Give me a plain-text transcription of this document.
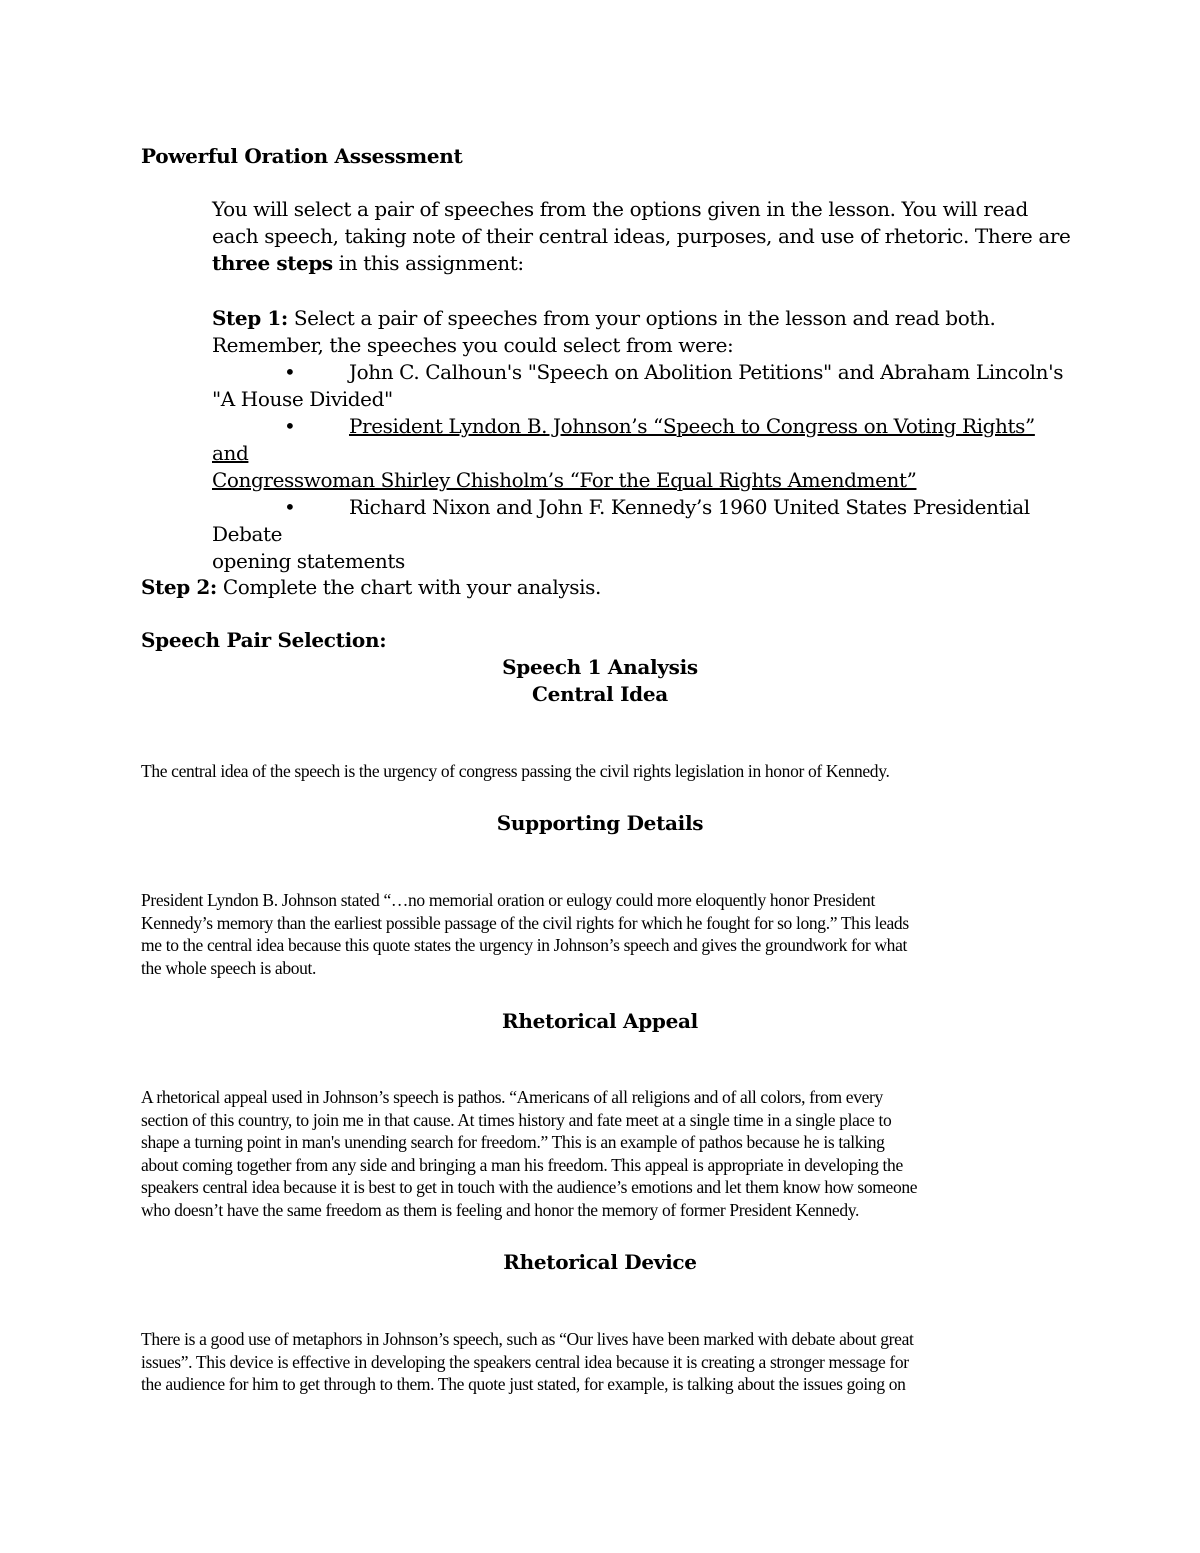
Powerful Oration Assessment
You will select a pair of speeches from the options given in the lesson. You will read
each speech, taking note of their central ideas, purposes, and use of rhetoric. There are
three steps in this assignment:
Step 1: Select a pair of speeches from your options in the lesson and read both.
Remember, the speeches you could select from were:
•	John C. Calhoun's "Speech on Abolition Petitions" and Abraham Lincoln's
"A House Divided"
•	President Lyndon B. Johnson’s “Speech to Congress on Voting Rights” and
Congresswoman Shirley Chisholm’s “For the Equal Rights Amendment”
•	Richard Nixon and John F. Kennedy’s 1960 United States Presidential
Debate
opening statements
Step 2: Complete the chart with your analysis.
Speech Pair Selection:
Speech 1 Analysis
Central Idea
The central idea of the speech is the urgency of congress passing the civil rights legislation in honor of Kennedy.
Supporting Details
President Lyndon B. Johnson stated “…no memorial oration or eulogy could more eloquently honor President
Kennedy’s memory than the earliest possible passage of the civil rights for which he fought for so long.” This leads
me to the central idea because this quote states the urgency in Johnson’s speech and gives the groundwork for what
the whole speech is about.
Rhetorical Appeal
A rhetorical appeal used in Johnson’s speech is pathos. “Americans of all religions and of all colors, from every
section of this country, to join me in that cause. At times history and fate meet at a single time in a single place to
shape a turning point in man's unending search for freedom.” This is an example of pathos because he is talking
about coming together from any side and bringing a man his freedom. This appeal is appropriate in developing the
speakers central idea because it is best to get in touch with the audience’s emotions and let them know how someone
who doesn’t have the same freedom as them is feeling and honor the memory of former President Kennedy.
Rhetorical Device
There is a good use of metaphors in Johnson’s speech, such as “Our lives have been marked with debate about great
issues”. This device is effective in developing the speakers central idea because it is creating a stronger message for
the audience for him to get through to them. The quote just stated, for example, is talking about the issues going on
